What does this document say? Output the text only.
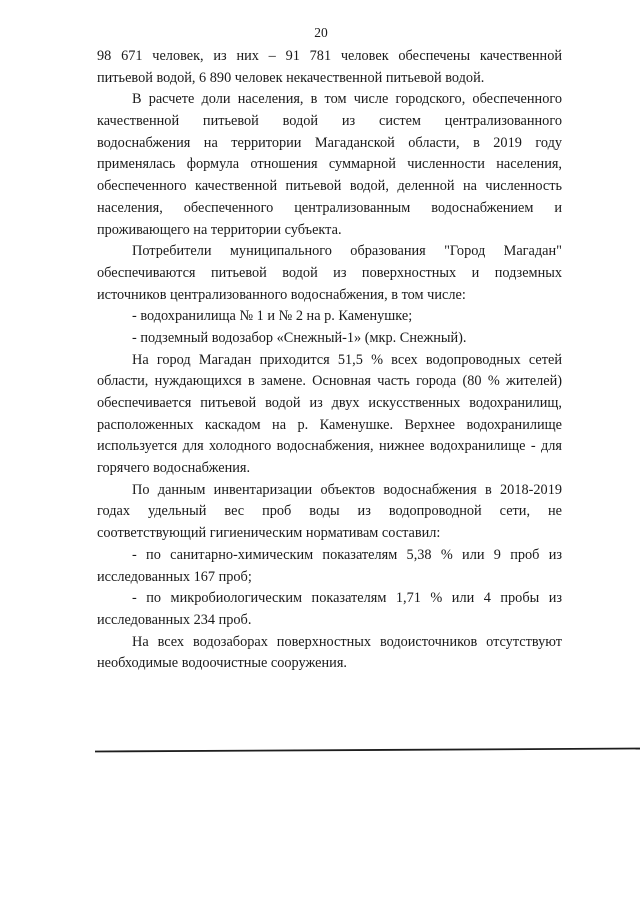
20
98 671 человек, из них – 91 781 человек обеспечены качественной
питьевой водой, 6 890 человек некачественной питьевой водой.
В расчете доли населения, в том числе городского, обеспеченного
качественной питьевой водой из систем централизованного
водоснабжения на территории Магаданской области, в 2019 году
применялась формула отношения суммарной численности населения,
обеспеченного качественной питьевой водой, деленной на численность
населения, обеспеченного централизованным водоснабжением и
проживающего на территории субъекта.
Потребители муниципального образования "Город Магадан"
обеспечиваются питьевой водой из поверхностных и подземных
источников централизованного водоснабжения, в том числе:
- водохранилища № 1 и № 2 на р. Каменушке;
- подземный водозабор «Снежный-1» (мкр. Снежный).
На город Магадан приходится 51,5 % всех водопроводных сетей
области, нуждающихся в замене. Основная часть города (80 % жителей)
обеспечивается питьевой водой из двух искусственных водохранилищ,
расположенных каскадом на р. Каменушке. Верхнее водохранилище
используется для холодного водоснабжения, нижнее водохранилище - для
горячего водоснабжения.
По данным инвентаризации объектов водоснабжения в 2018-2019
годах удельный вес проб воды из водопроводной сети, не
соответствующий гигиеническим нормативам составил:
- по санитарно-химическим показателям 5,38 % или 9 проб из
исследованных 167 проб;
- по микробиологическим показателям 1,71 % или 4 пробы из
исследованных 234 проб.
На всех водозаборах поверхностных водоисточников отсутствуют
необходимые водоочистные сооружения.
